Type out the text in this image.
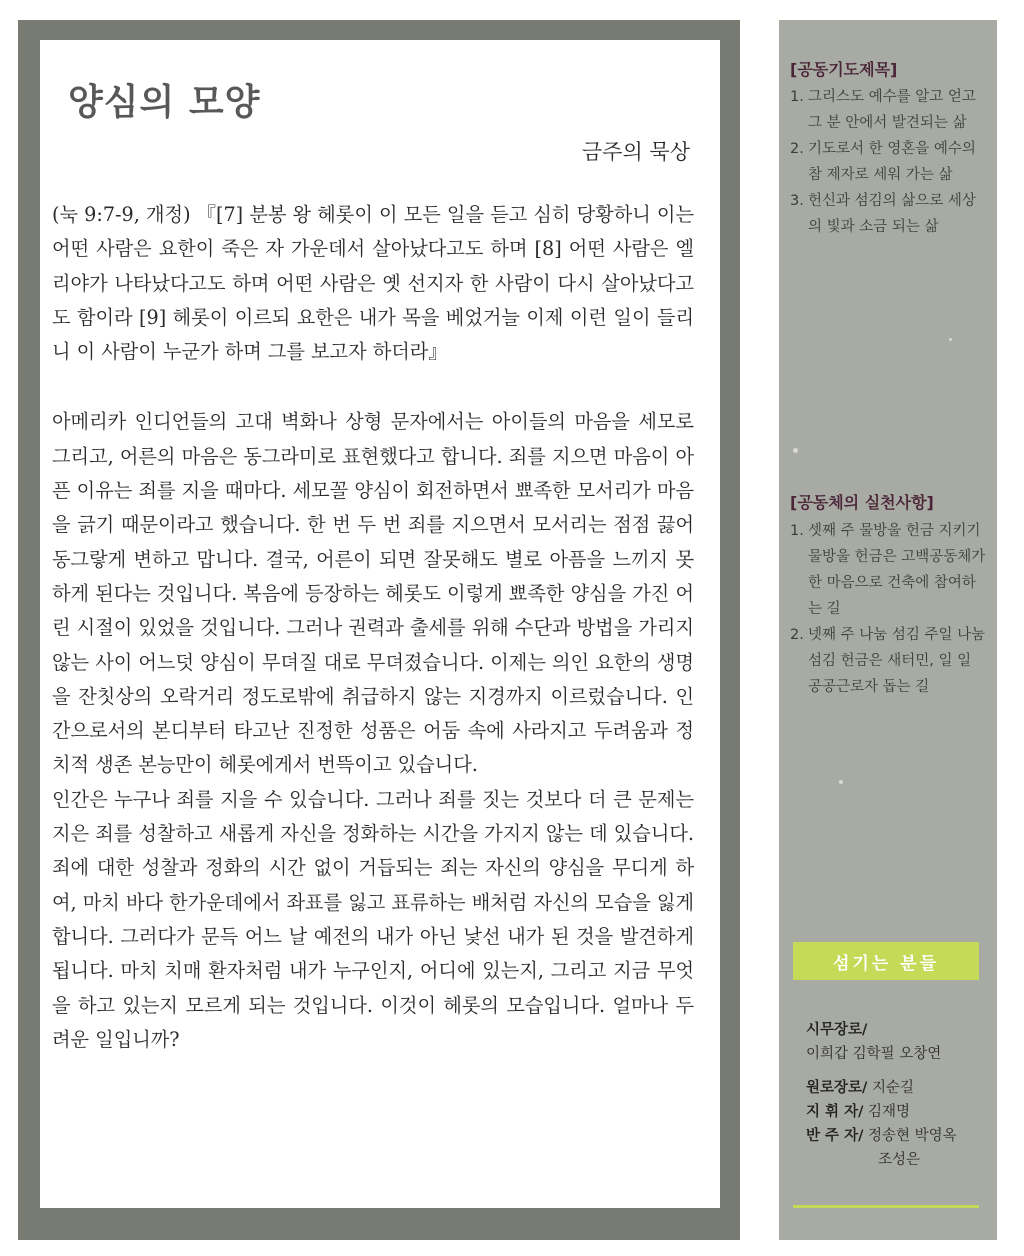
양심의 모양
금주의 묵상

(눅 9:7-9, 개정) 『[7] 분봉 왕 헤롯이 이 모든 일을 듣고 심히 당황하니 이는 어떤 사람은 요한이 죽은 자 가운데서 살아났다고도 하며 [8] 어떤 사람은 엘리야가 나타났다고도 하며 어떤 사람은 옛 선지자 한 사람이 다시 살아났다고도 함이라 [9] 헤롯이 이르되 요한은 내가 목을 베었거늘 이제 이런 일이 들리니 이 사람이 누군가 하며 그를 보고자 하더라』

아메리카 인디언들의 고대 벽화나 상형 문자에서는 아이들의 마음을 세모로 그리고, 어른의 마음은 동그라미로 표현했다고 합니다. 죄를 지으면 마음이 아픈 이유는 죄를 지을 때마다. 세모꼴 양심이 회전하면서 뾰족한 모서리가 마음을 긁기 때문이라고 했습니다. 한 번 두 번 죄를 지으면서 모서리는 점점 끓어 동그랗게 변하고 맙니다. 결국, 어른이 되면 잘못해도 별로 아픔을 느끼지 못하게 된다는 것입니다. 복음에 등장하는 헤롯도 이렇게 뾰족한 양심을 가진 어린 시절이 있었을 것입니다. 그러나 권력과 출세를 위해 수단과 방법을 가리지 않는 사이 어느덧 양심이 무뎌질 대로 무뎌졌습니다. 이제는 의인 요한의 생명을 잔칫상의 오락거리 정도로밖에 취급하지 않는 지경까지 이르렀습니다. 인간으로서의 본디부터 타고난 진정한 성품은 어둠 속에 사라지고 두려움과 정치적 생존 본능만이 헤롯에게서 번뜩이고 있습니다.

인간은 누구나 죄를 지을 수 있습니다. 그러나 죄를 짓는 것보다 더 큰 문제는 지은 죄를 성찰하고 새롭게 자신을 정화하는 시간을 가지지 않는 데 있습니다. 죄에 대한 성찰과 정화의 시간 없이 거듭되는 죄는 자신의 양심을 무디게 하여, 마치 바다 한가운데에서 좌표를 잃고 표류하는 배처럼 자신의 모습을 잃게 합니다. 그러다가 문득 어느 날 예전의 내가 아닌 낯선 내가 된 것을 발견하게 됩니다. 마치 치매 환자처럼 내가 누구인지, 어디에 있는지, 그리고 지금 무엇을 하고 있는지 모르게 되는 것입니다. 이것이 헤롯의 모습입니다. 얼마나 두려운 일입니까?

[공동기도제목]
1. 그리스도 예수를 알고 얻고 그 분 안에서 발견되는 삶
2. 기도로서 한 영혼을 예수의 참 제자로 세워 가는 삶
3. 헌신과 섬김의 삶으로 세상의 빛과 소금 되는 삶
[공동체의 실천사항]
1. 셋째 주 물방울 헌금 지키기 물방울 헌금은 고백공동체가 한 마음으로 건축에 참여하는 길
2. 넷째 주 나눔 섬김 주일 나눔 섬김 헌금은 새터민, 일 일 공공근로자 돕는 길
섬기는 분들
시무장로/
이희갑 김학필 오창연
원로장로/ 지순길
지 휘 자/ 김재명
반 주 자/ 정송현 박영옥
조성은
